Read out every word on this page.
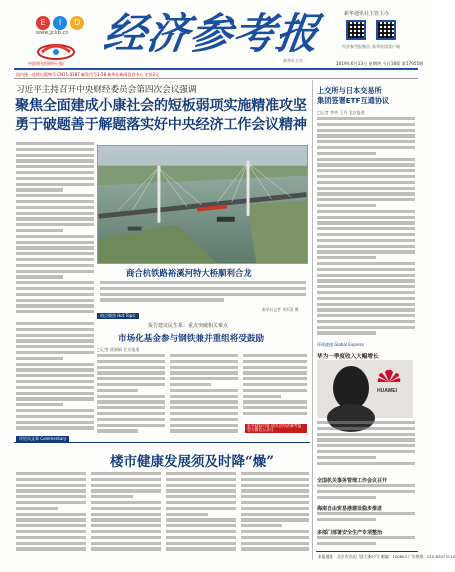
E I D
www.jjckb.cn
中国领先的财经日报
经济参考报
新华社主办
新华通讯社主管主办
经济参考报微信 新华炫闻客户端
2019年6月13日 星期四 今日16版 第17955期
国内统一连续出版物号 CN11-0187 邮发代号1-58 新华社新闻信息中心 定价2元
习近平主持召开中央财经委员会第四次会议强调
聚焦全面建成小康社会的短板弱项实施精准攻坚
勇于破题善于解题落实好中央经济工作会议精神
商合杭铁路裕溪河特大桥顺利合龙
新华社记者 刘军喜 摄
热点聚焦 Hot Topic
报告建议民生系：重点突破相关难点
市场化基金参与钢铁兼并重组将受鼓励
□记者 班娟娟 北京报道
更多精彩内容 请关注经济参考报 官方微信公众号
评论员文章 Commentary
楼市健康发展须及时降“燥”
上交所与日本交易所
集团签署ETF互通协议
□记者 李华 王丹 北京报道
环球速递 Global Express
华为一季度收入大幅增长
HUAWEI
全国机关事务管理工作会议召开
海南自由贸易港建设稳步推进
多部门部署安全生产专项整治
本报地址：北京市宣武门西大街57号 邮编：100803 广告热线：010-63073110
